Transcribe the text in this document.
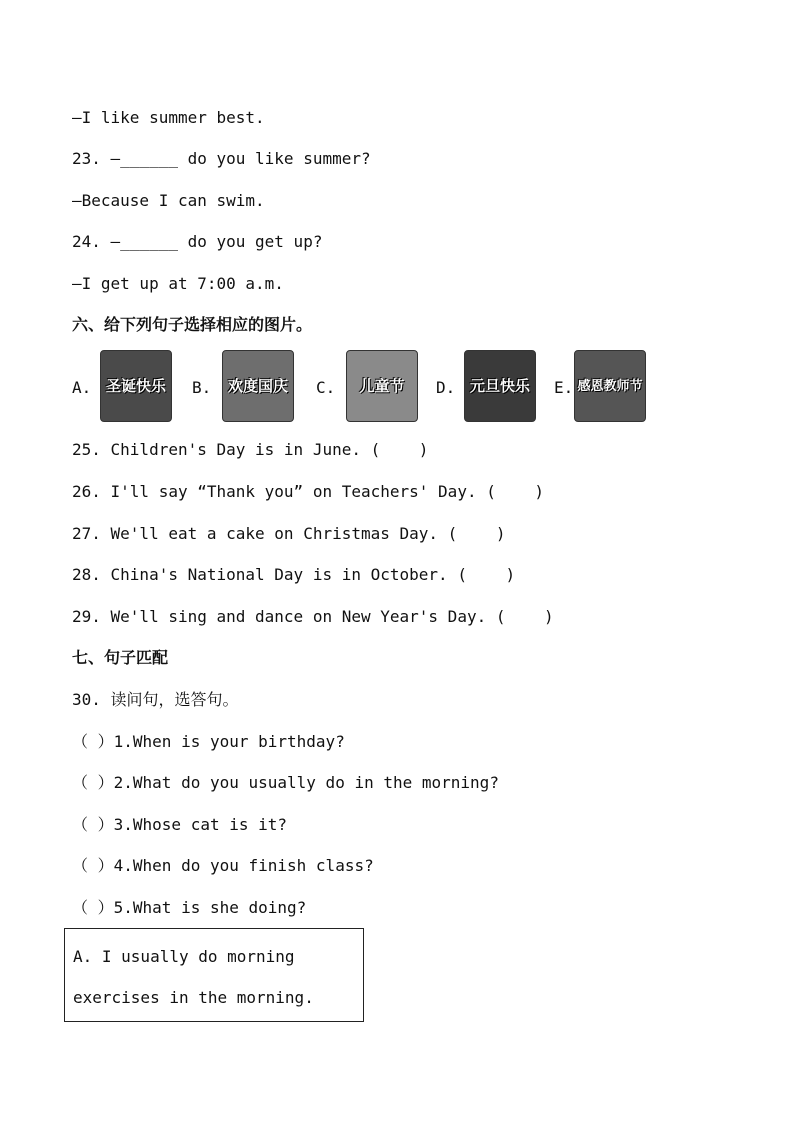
—I like summer best.
23. —______ do you like summer?
—Because I can swim.
24. —______ do you get up?
—I get up at 7:00 a.m.
六、给下列句子选择相应的图片。
A. 圣诞快乐	B.	欢度国庆	C.	儿童节	D. 元旦快乐	E. 感恩教师节
25. Children's Day is in June. (    )
26. I'll say “Thank you” on Teachers' Day. (    )
27. We'll eat a cake on Christmas Day. (    )
28. China's National Day is in October. (    )
29. We'll sing and dance on New Year's Day. (    )
七、句子匹配
30. 读问句，选答句。
（ ）1.When is your birthday?
（ ）2.What do you usually do in the morning?
（ ）3.Whose cat is it?
（ ）4.When do you finish class?
（ ）5.What is she doing?
A. I usually do morning
exercises in the morning.
